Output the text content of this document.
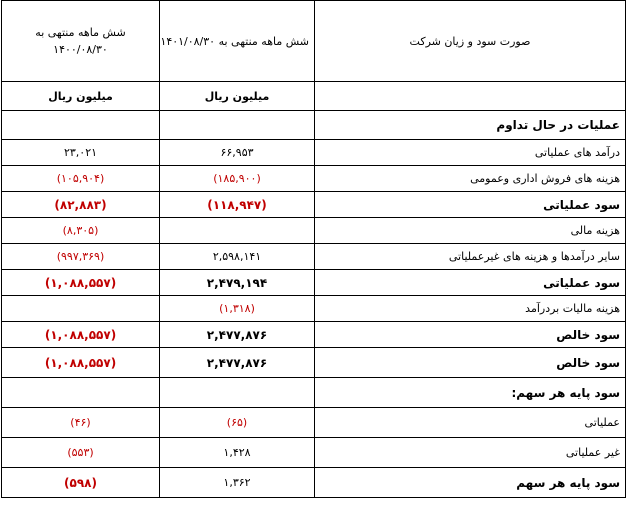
صورت سود و زیان شرکت	شش ماهه منتهی به ۱۴۰۱/۰۸/۳۰	شش ماهه منتهی به
۱۴۰۰/۰۸/۳۰
	میلیون ریال	میلیون ریال
عملیات در حال تداوم		
درآمد های عملیاتی	۶۶,۹۵۳	۲۳,۰۲۱
هزینه های فروش اداری وعمومی	(۱۸۵,۹۰۰)	(۱۰۵,۹۰۴)
سود عملیاتی	(۱۱۸,۹۴۷)	(۸۲,۸۸۳)
هزینه مالی		(۸,۳۰۵)
سایر درآمدها و هزینه های غیرعملیاتی	۲,۵۹۸,۱۴۱	(۹۹۷,۳۶۹)
سود عملیاتی	۲,۴۷۹,۱۹۴	(۱,۰۸۸,۵۵۷)
هزینه مالیات بردرآمد	(۱,۳۱۸)	
سود خالص	۲,۴۷۷,۸۷۶	(۱,۰۸۸,۵۵۷)
سود خالص	۲,۴۷۷,۸۷۶	(۱,۰۸۸,۵۵۷)
سود پایه هر سهم:		
عملیاتی	(۶۵)	(۴۶)
غیر عملیاتی	۱,۴۲۸	(۵۵۳)
سود پایه هر سهم	۱,۳۶۲	(۵۹۸)
